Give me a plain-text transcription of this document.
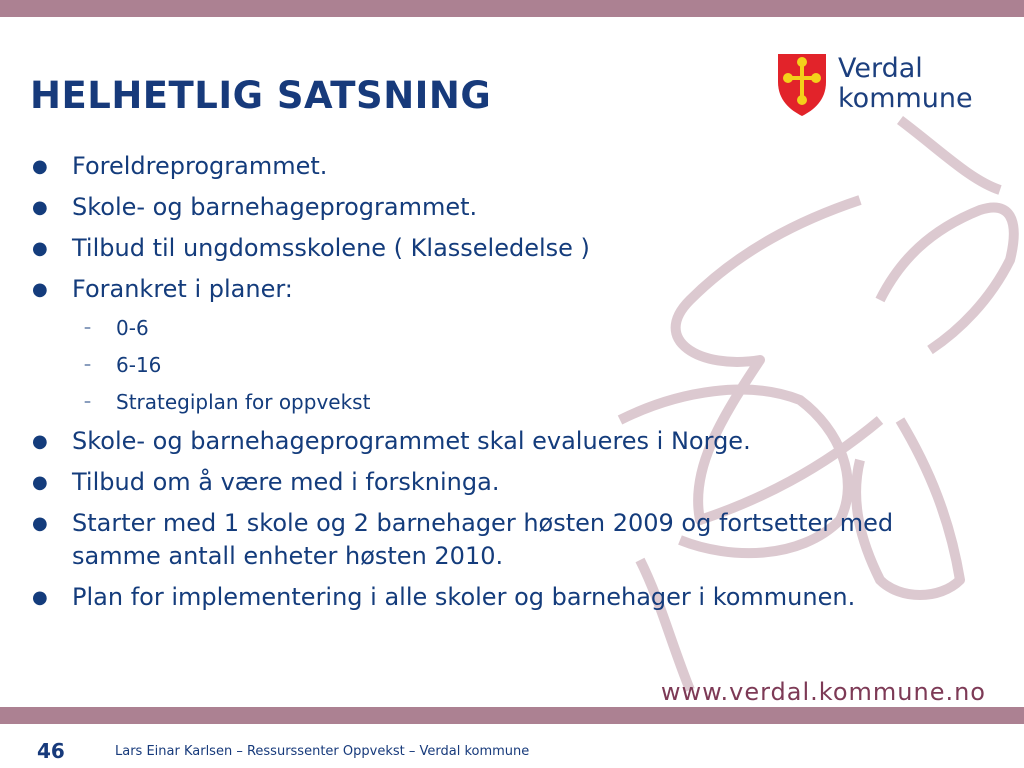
HELHETLIG SATSNING
Verdal
kommune
● Foreldreprogrammet.
● Skole- og barnehageprogrammet.
● Tilbud til ungdomsskolene ( Klasseledelse )
● Forankret i planer:
– 0-6
– 6-16
– Strategiplan for oppvekst
● Skole- og barnehageprogrammet skal evalueres i Norge.
● Tilbud om å være med i forskninga.
● Starter med 1 skole og 2 barnehager høsten 2009 og fortsetter med samme antall enheter høsten 2010.
● Plan for implementering i alle skoler og barnehager i kommunen.
www.verdal.kommune.no
46	Lars Einar Karlsen – Ressurssenter Oppvekst – Verdal kommune
